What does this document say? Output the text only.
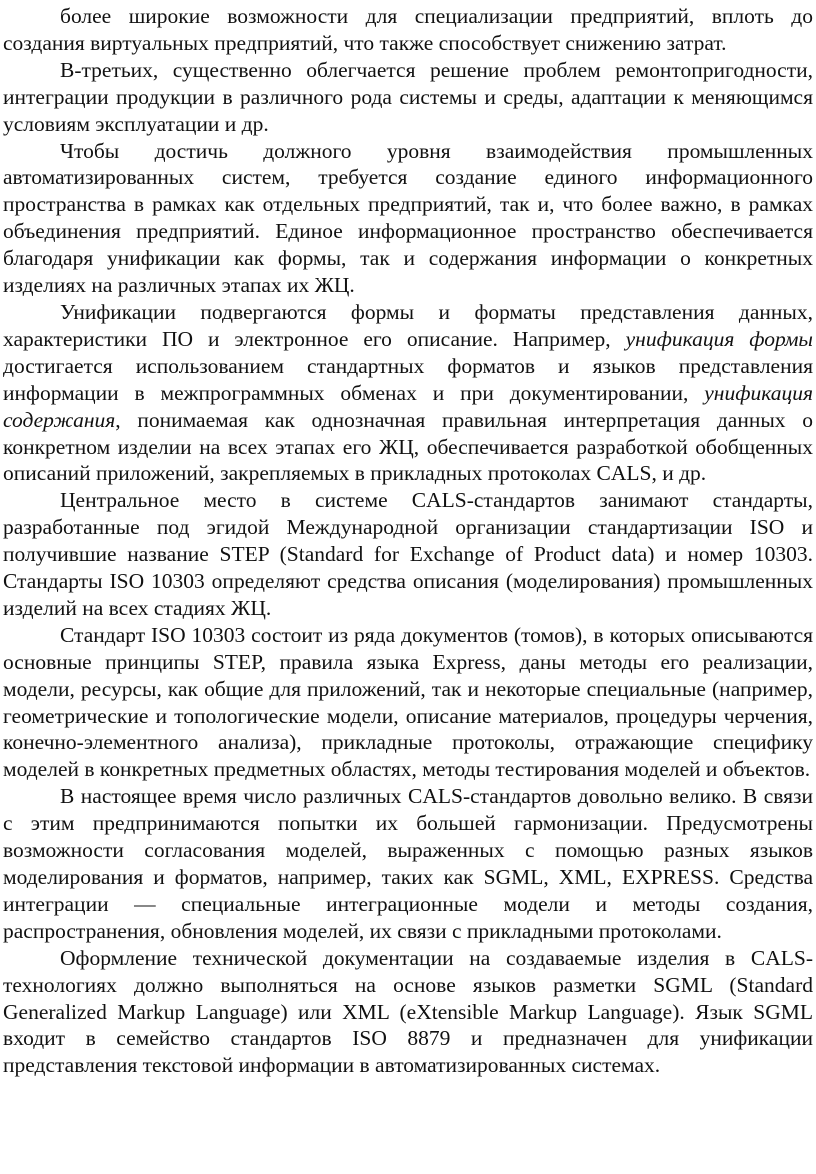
более широкие возможности для специализации предприятий, вплоть до создания виртуальных предприятий, что также способствует снижению затрат.

В-третьих, существенно облегчается решение проблем ремонтопригодности, интеграции продукции в различного рода системы и среды, адаптации к меняющимся условиям эксплуатации и др.

Чтобы достичь должного уровня взаимодействия промышленных автоматизированных систем, требуется создание единого информационного пространства в рамках как отдельных предприятий, так и, что более важно, в рамках объединения предприятий. Единое информационное пространство обеспечивается благодаря унификации как формы, так и содержания информации о конкретных изделиях на различных этапах их ЖЦ.

Унификации подвергаются формы и форматы представления данных, характеристики ПО и электронное его описание. Например, унификация формы достигается использованием стандартных форматов и языков представления информации в межпрограммных обменах и при документировании, унификация содержания, понимаемая как однозначная правильная интерпретация данных о конкретном изделии на всех этапах его ЖЦ, обеспечивается разработкой обобщенных описаний приложений, закрепляемых в прикладных протоколах CALS, и др.

Центральное место в системе CALS-стандартов занимают стандарты, разработанные под эгидой Международной организации стандартизации ISO и получившие название STEP (Standard for Exchange of Product data) и номер 10303. Стандарты ISO 10303 определяют средства описания (моделирования) промышленных изделий на всех стадиях ЖЦ.

Стандарт ISO 10303 состоит из ряда документов (томов), в которых описываются основные принципы STEP, правила языка Express, даны методы его реализации, модели, ресурсы, как общие для приложений, так и некоторые специальные (например, геометрические и топологические модели, описание материалов, процедуры черчения, конечно-элементного анализа), прикладные протоколы, отражающие специфику моделей в конкретных предметных областях, методы тестирования моделей и объектов.

В настоящее время число различных CALS-стандартов довольно велико. В связи с этим предпринимаются попытки их большей гармонизации. Предусмотрены возможности согласования моделей, выраженных с помощью разных языков моделирования и форматов, например, таких как SGML, XML, EXPRESS. Средства интеграции — специальные интеграционные модели и методы создания, распространения, обновления моделей, их связи с прикладными протоколами.

Оформление технической документации на создаваемые изделия в CALS-технологиях должно выполняться на основе языков разметки SGML (Standard Generalized Markup Language) или XML (eXtensible Markup Language). Язык SGML входит в семейство стандартов ISO 8879 и предназначен для унификации представления текстовой информации в автоматизированных системах.
